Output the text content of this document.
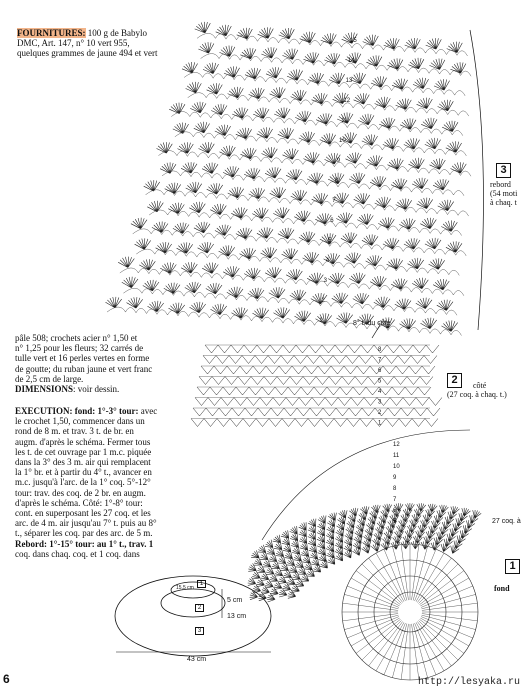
15
14
13
12
11
10
9
8
7
6
5
4
3
2
1
8
7
6
5
4
3
2
1
12
11
10
9
8
7
6
5
FOURNITURES: 100 g de Babylo
DMC, Art. 147, n° 10 vert 955,
quelques grammes de jaune 494 et vert
pâle 508; crochets acier n° 1,50 et
n° 1,25 pour les fleurs; 32 carrés de
tulle vert et 16 perles vertes en forme
de goutte; du ruban jaune et vert franc
de 2,5 cm de large.
DIMENSIONS: voir dessin.
EXECUTION: fond: 1°-3° tour: avec
le crochet 1,50, commencer dans un
rond de 8 m. et trav. 3 t. de br. en
augm. d'après le schéma. Fermer tous
les t. de cet ouvrage par 1 m.c. piquée
dans la 3° des 3 m. air qui remplacent
la 1° br. et à partir du 4° t., avancer en
m.c. jusqu'à l'arc. de la 1° coq. 5°-12°
tour: trav. des coq. de 2 br. en augm.
d'après le schéma. Côté: 1°-8° tour:
cont. en superposant les 27 coq. et les
arc. de 4 m. air jusqu'au 7° t. puis au 8°
t., séparer les coq. par des arc. de 5 m.
Rebord: 1°-15° tour: au 1° t., trav. 1
coq. dans chaq. coq. et 1 coq. dans
3
rebord
(54 moti
à chaq. t
2	côté
(27 coq. à chaq. t.)
1
fond
8° t. du côté
27 coq. à
5 cm
13 cm
43 cm
15,5 cm
1
2
3
6	http://lesyaka.ru
